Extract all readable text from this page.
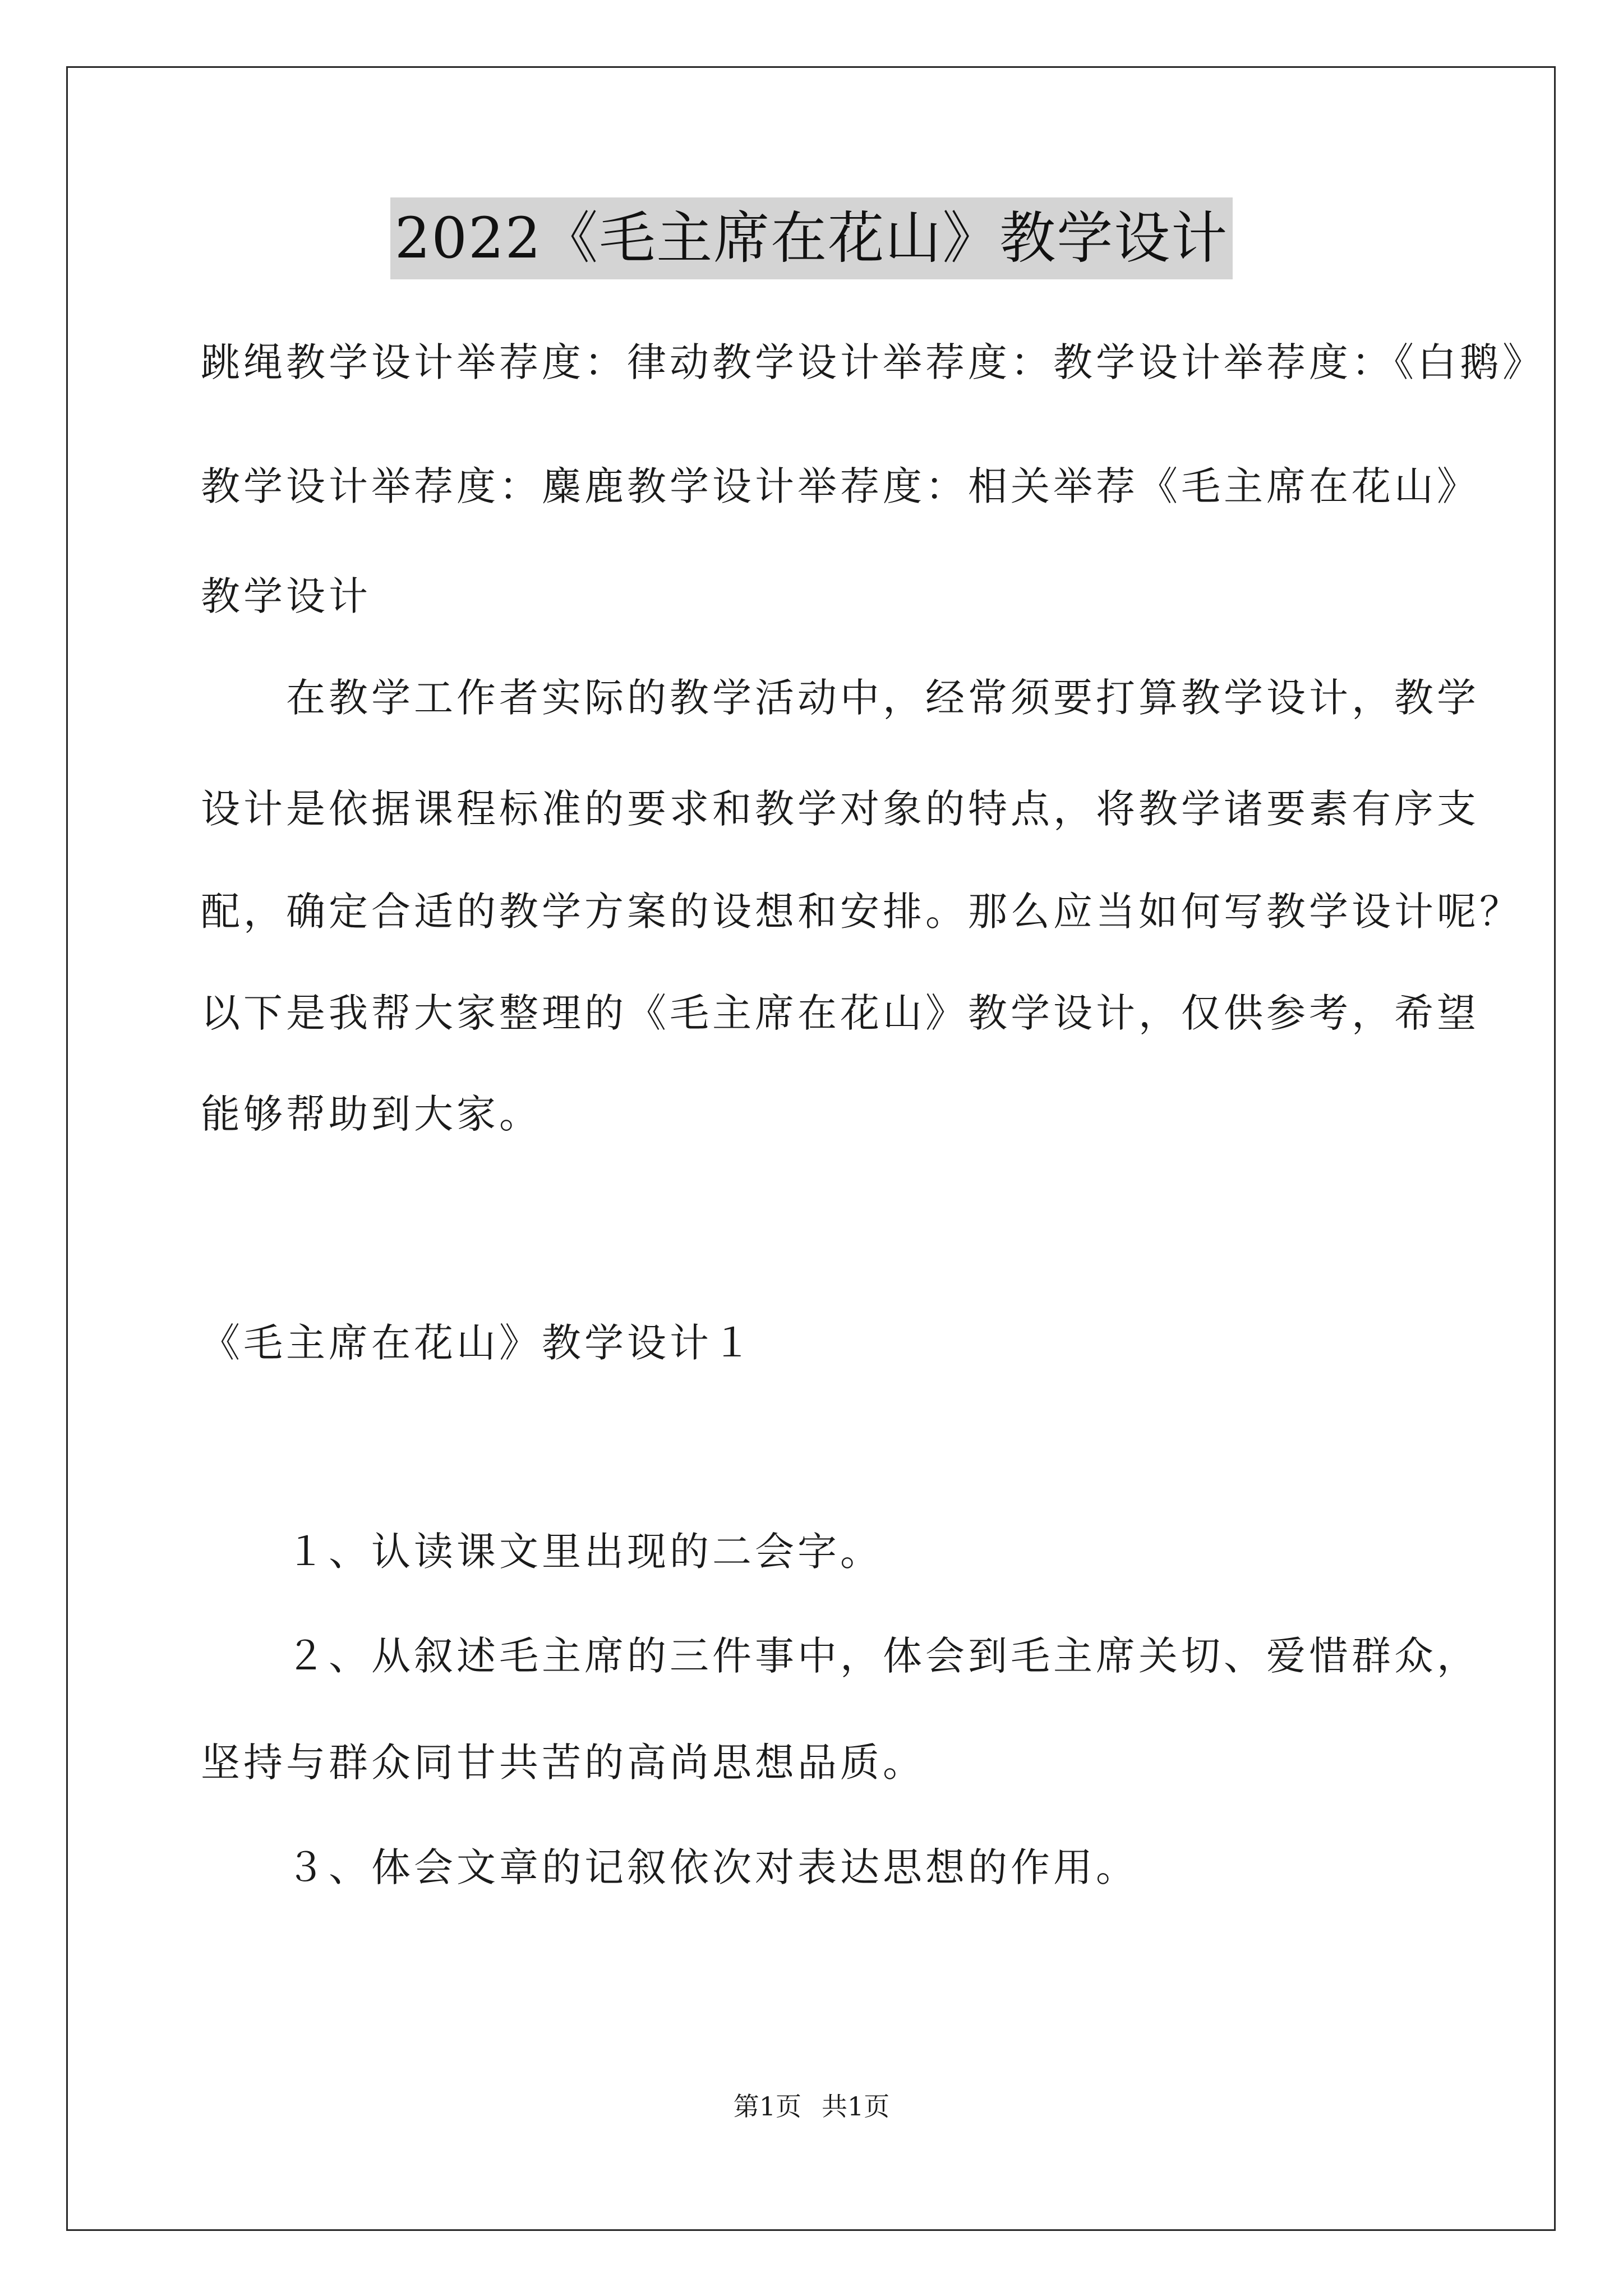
2022《毛主席在花山》教学设计
跳绳教学设计举荐度：律动教学设计举荐度：教学设计举荐度：《白鹅》
教学设计举荐度：麋鹿教学设计举荐度：相关举荐《毛主席在花山》
教学设计
　　在教学工作者实际的教学活动中，经常须要打算教学设计，教学
设计是依据课程标准的要求和教学对象的特点，将教学诸要素有序支
配，确定合适的教学方案的设想和安排。那么应当如何写教学设计呢？
以下是我帮大家整理的《毛主席在花山》教学设计，仅供参考，希望
能够帮助到大家。
《毛主席在花山》教学设计１
　　１、认读课文里出现的二会字。
　　２、从叙述毛主席的三件事中，体会到毛主席关切、爱惜群众，
坚持与群众同甘共苦的高尚思想品质。
　　３、体会文章的记叙依次对表达思想的作用。
第1页 共1页
